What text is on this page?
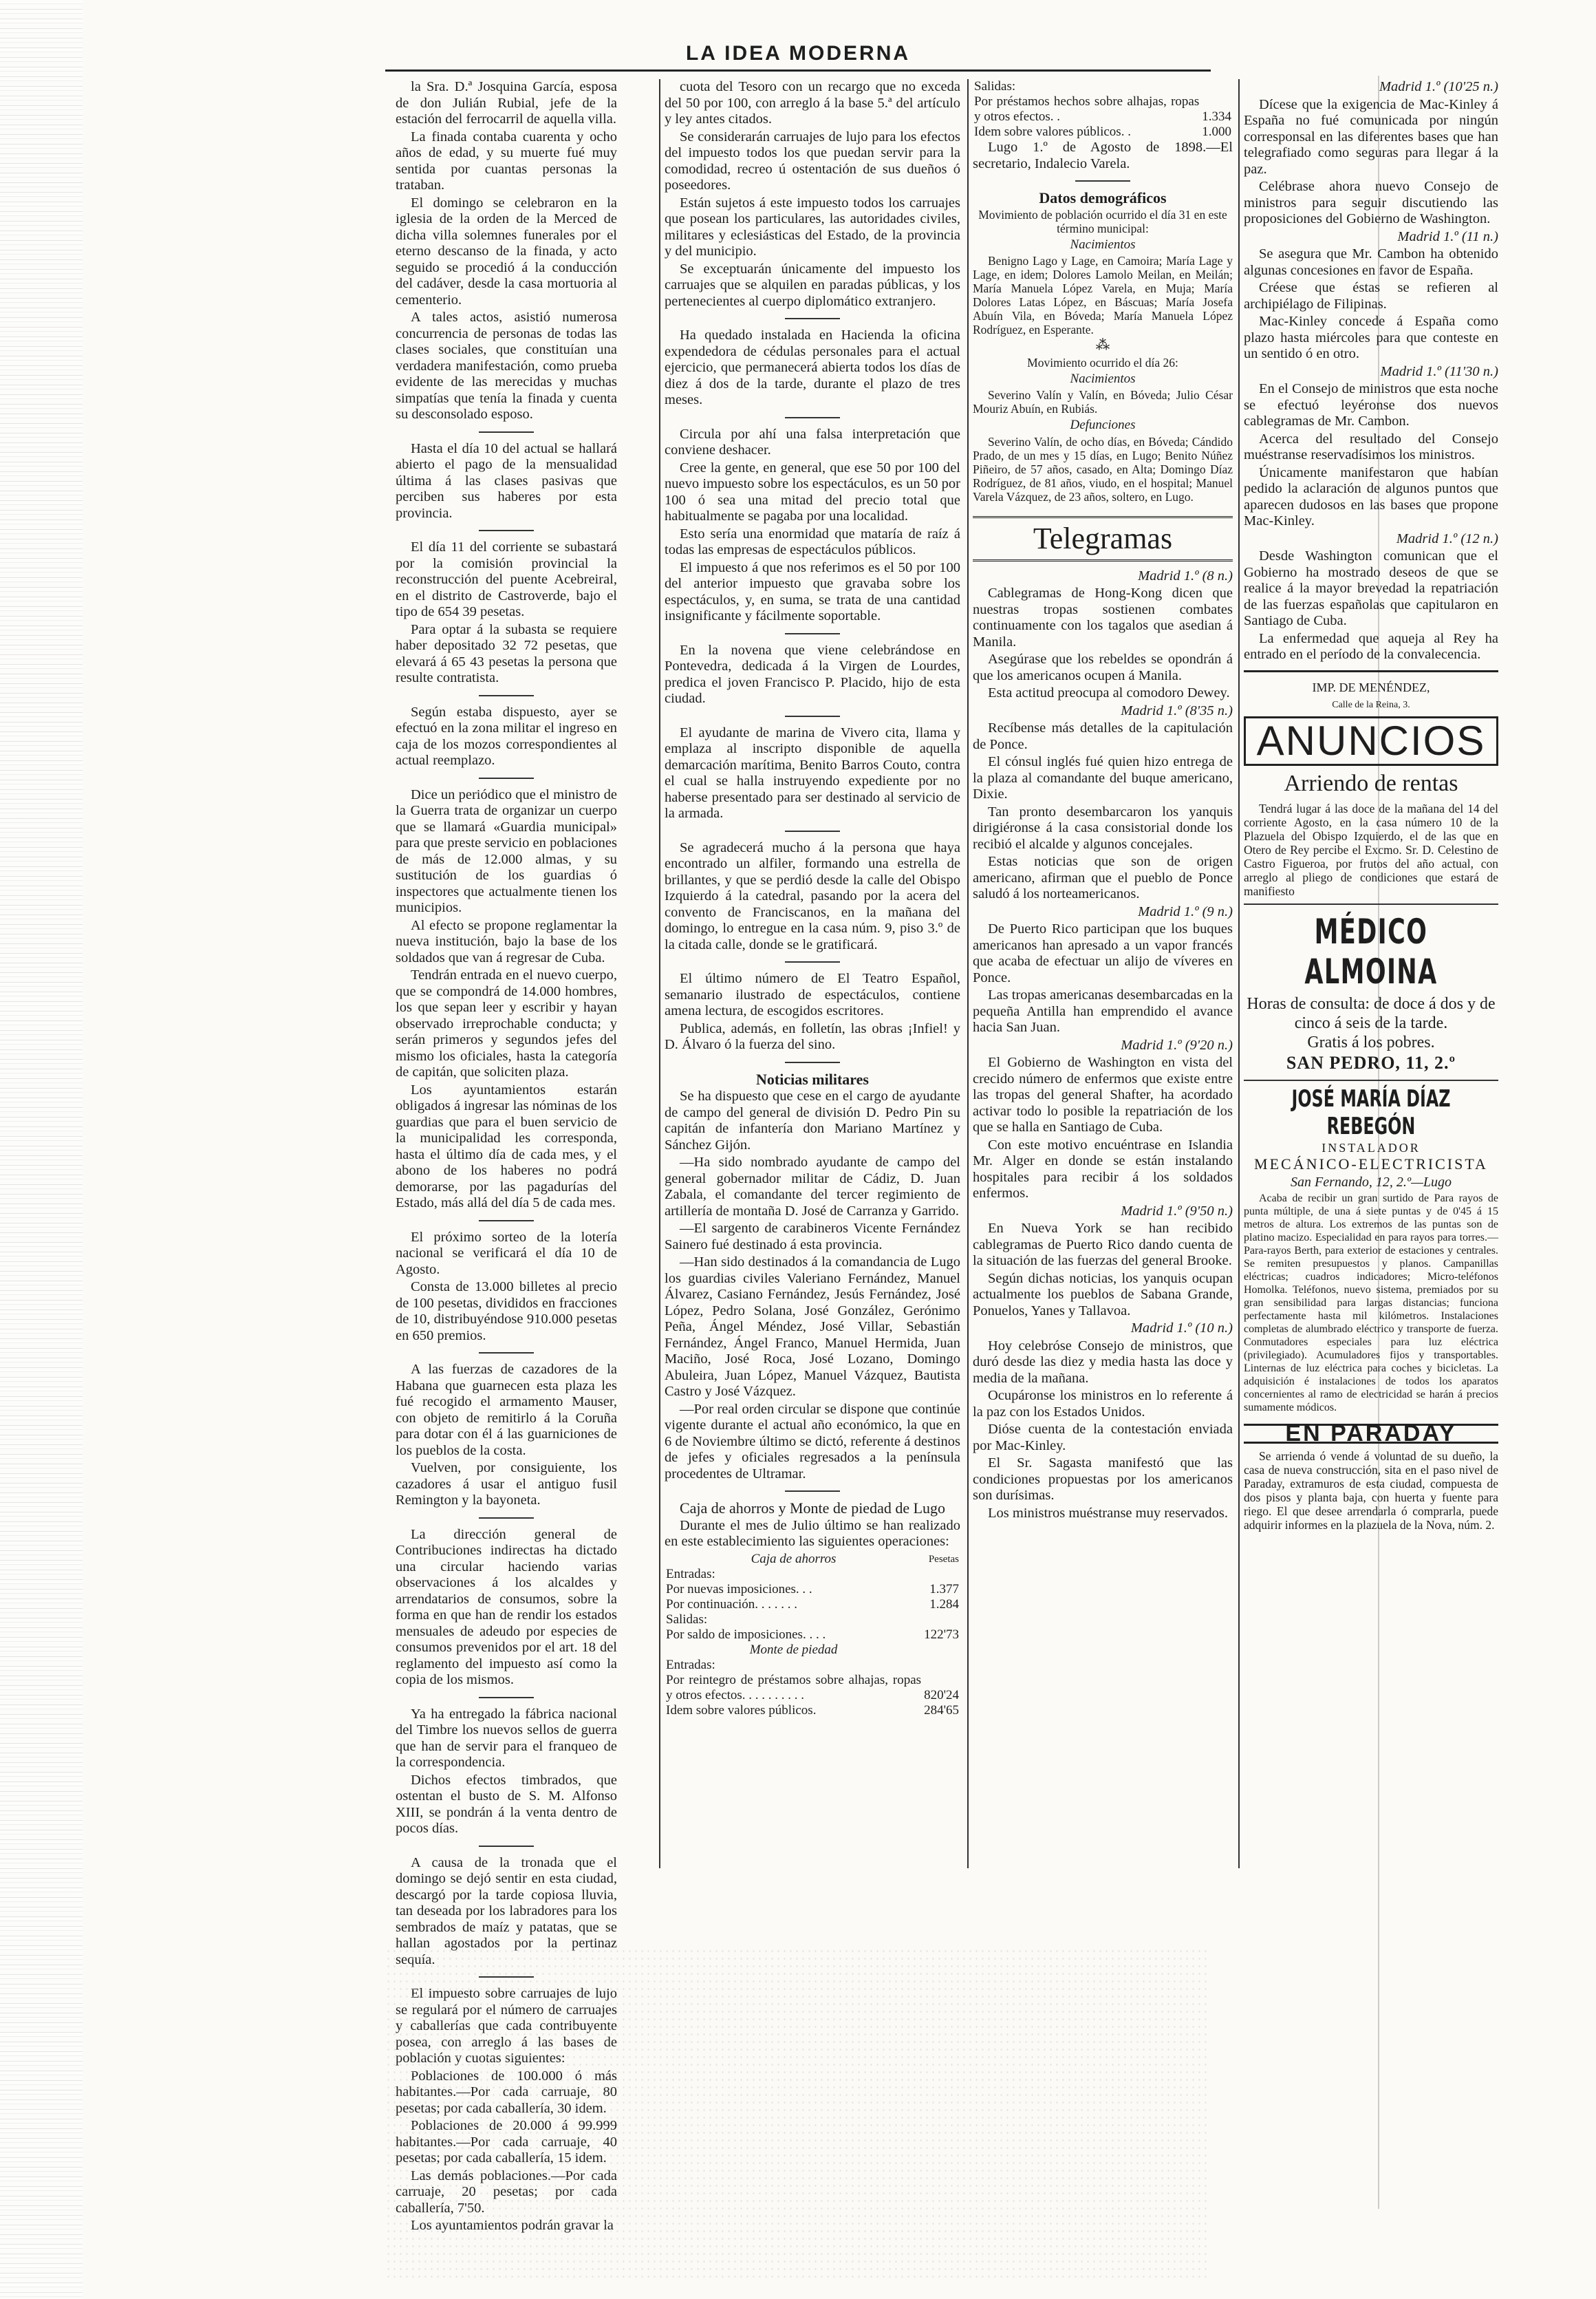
LA IDEA MODERNA

la Sra. D.ª Josquina García, esposa de don Julián Rubial, jefe de la estación del ferrocarril de aquella villa.

La finada contaba cuarenta y ocho años de edad, y su muerte fué muy sentida por cuantas personas la trataban.

El domingo se celebraron en la iglesia de la orden de la Merced de dicha villa solemnes funerales por el eterno descanso de la finada, y acto seguido se procedió á la conducción del cadáver, desde la casa mortuoria al cementerio.

A tales actos, asistió numerosa concurrencia de personas de todas las clases sociales, que constituían una verdadera manifestación, como prueba evidente de las merecidas y muchas simpatías que tenía la finada y cuenta su desconsolado esposo.

Hasta el día 10 del actual se hallará abierto el pago de la mensualidad última á las clases pasivas que perciben sus haberes por esta provincia.

El día 11 del corriente se subastará por la comisión provincial la reconstrucción del puente Acebreiral, en el distrito de Castroverde, bajo el tipo de 654 39 pesetas.

Para optar á la subasta se requiere haber depositado 32 72 pesetas, que elevará á 65 43 pesetas la persona que resulte contratista.

Según estaba dispuesto, ayer se efectuó en la zona militar el ingreso en caja de los mozos correspondientes al actual reemplazo.

Dice un periódico que el ministro de la Guerra trata de organizar un cuerpo que se llamará «Guardia municipal» para que preste servicio en poblaciones de más de 12.000 almas, y su sustitución de los guardias ó inspectores que actualmente tienen los municipios.

Al efecto se propone reglamentar la nueva institución, bajo la base de los soldados que van á regresar de Cuba.

Tendrán entrada en el nuevo cuerpo, que se compondrá de 14.000 hombres, los que sepan leer y escribir y hayan observado irreprochable conducta; y serán primeros y segundos jefes del mismo los oficiales, hasta la categoría de capitán, que soliciten plaza.

Los ayuntamientos estarán obligados á ingresar las nóminas de los guardias que para el buen servicio de la municipalidad les corresponda, hasta el último día de cada mes, y el abono de los haberes no podrá demorarse, por las pagadurías del Estado, más allá del día 5 de cada mes.

El próximo sorteo de la lotería nacional se verificará el día 10 de Agosto.

Consta de 13.000 billetes al precio de 100 pesetas, divididos en fracciones de 10, distribuyéndose 910.000 pesetas en 650 premios.

A las fuerzas de cazadores de la Habana que guarnecen esta plaza les fué recogido el armamento Mauser, con objeto de remitirlo á la Coruña para dotar con él á las guarniciones de los pueblos de la costa.

Vuelven, por consiguiente, los cazadores á usar el antiguo fusil Remington y la bayoneta.

La dirección general de Contribuciones indirectas ha dictado una circular haciendo varias observaciones á los alcaldes y arrendatarios de consumos, sobre la forma en que han de rendir los estados mensuales de adeudo por especies de consumos prevenidos por el art. 18 del reglamento del impuesto así como la copia de los mismos.

Ya ha entregado la fábrica nacional del Timbre los nuevos sellos de guerra que han de servir para el franqueo de la correspondencia.

Dichos efectos timbrados, que ostentan el busto de S. M. Alfonso XIII, se pondrán á la venta dentro de pocos días.

A causa de la tronada que el domingo se dejó sentir en esta ciudad, descargó por la tarde copiosa lluvia, tan deseada por los labradores para los sembrados de maíz y patatas, que se hallan agostados por la pertinaz sequía.

El impuesto sobre carruajes de lujo se regulará por el número de carruajes y caballerías que cada contribuyente posea, con arreglo á las bases de población y cuotas siguientes:

Poblaciones de 100.000 ó más habitantes.—Por cada carruaje, 80 pesetas; por cada caballería, 30 idem.

Poblaciones de 20.000 á 99.999 habitantes.—Por cada carruaje, 40 pesetas; por cada caballería, 15 idem.

Las demás poblaciones.—Por cada carruaje, 20 pesetas; por cada caballería, 7'50.

Los ayuntamientos podrán gravar la

cuota del Tesoro con un recargo que no exceda del 50 por 100, con arreglo á la base 5.ª del artículo y ley antes citados.

Se considerarán carruajes de lujo para los efectos del impuesto todos los que puedan servir para la comodidad, recreo ú ostentación de sus dueños ó poseedores.

Están sujetos á este impuesto todos los carruajes que posean los particulares, las autoridades civiles, militares y eclesiásticas del Estado, de la provincia y del municipio.

Se exceptuarán únicamente del impuesto los carruajes que se alquilen en paradas públicas, y los pertenecientes al cuerpo diplomático extranjero.

Ha quedado instalada en Hacienda la oficina expendedora de cédulas personales para el actual ejercicio, que permanecerá abierta todos los días de diez á dos de la tarde, durante el plazo de tres meses.

Circula por ahí una falsa interpretación que conviene deshacer.

Cree la gente, en general, que ese 50 por 100 del nuevo impuesto sobre los espectáculos, es un 50 por 100 ó sea una mitad del precio total que habitualmente se pagaba por una localidad.

Esto sería una enormidad que mataría de raíz á todas las empresas de espectáculos públicos.

El impuesto á que nos referimos es el 50 por 100 del anterior impuesto que gravaba sobre los espectáculos, y, en suma, se trata de una cantidad insignificante y fácilmente soportable.

En la novena que viene celebrándose en Pontevedra, dedicada á la Virgen de Lourdes, predica el joven Francisco P. Placido, hijo de esta ciudad.

El ayudante de marina de Vivero cita, llama y emplaza al inscripto disponible de aquella demarcación marítima, Benito Barros Couto, contra el cual se halla instruyendo expediente por no haberse presentado para ser destinado al servicio de la armada.

Se agradecerá mucho á la persona que haya encontrado un alfiler, formando una estrella de brillantes, y que se perdió desde la calle del Obispo Izquierdo á la catedral, pasando por la acera del convento de Franciscanos, en la mañana del domingo, lo entregue en la casa núm. 9, piso 3.º de la citada calle, donde se le gratificará.

El último número de El Teatro Español, semanario ilustrado de espectáculos, contiene amena lectura, de escogidos escritores.

Publica, además, en folletín, las obras ¡Infiel! y D. Álvaro ó la fuerza del sino.

Noticias militares

Se ha dispuesto que cese en el cargo de ayudante de campo del general de división D. Pedro Pin su capitán de infantería don Mariano Martínez y Sánchez Gijón.

—Ha sido nombrado ayudante de campo del general gobernador militar de Cádiz, D. Juan Zabala, el comandante del tercer regimiento de artillería de montaña D. José de Carranza y Garrido.

—El sargento de carabineros Vicente Fernández Sainero fué destinado á esta provincia.

—Han sido destinados á la comandancia de Lugo los guardias civiles Valeriano Fernández, Manuel Álvarez, Casiano Fernández, Jesús Fernández, José López, Pedro Solana, José González, Gerónimo Peña, Ángel Méndez, José Villar, Sebastián Fernández, Ángel Franco, Manuel Hermida, Juan Maciño, José Roca, José Lozano, Domingo Abuleira, Juan López, Manuel Vázquez, Bautista Castro y José Vázquez.

—Por real orden circular se dispone que continúe vigente durante el actual año económico, la que en 6 de Noviembre último se dictó, referente á destinos de jefes y oficiales regresados a la península procedentes de Ultramar.

Caja de ahorros y Monte de piedad de Lugo

Durante el mes de Julio último se han realizado en este establecimiento las siguientes operaciones:

Caja de ahorros	Pesetas
Entradas:	
Por nuevas imposiciones. . .	1.377
Por continuación. . . . . . .	1.284
Salidas:	
Por saldo de imposiciones. . . .	122'73
Monte de piedad	
Entradas:	
Por reintegro de préstamos sobre alhajas, ropas y otros efectos. . . . . . . . . .	820'24
Idem sobre valores públicos.	284'65
Salidas:	
Por préstamos hechos sobre alhajas, ropas y otros efectos. .	1.334
Idem sobre valores públicos. .	1.000

Lugo 1.º de Agosto de 1898.—El secretario, Indalecio Varela.

Datos demográficos

Movimiento de población ocurrido el día 31 en este término municipal:

Nacimientos

Benigno Lago y Lage, en Camoira; María Lage y Lage, en idem; Dolores Lamolo Meilan, en Meilán; María Manuela López Varela, en Muja; María Dolores Latas López, en Báscuas; María Josefa Abuín Vila, en Bóveda; María Manuela López Rodríguez, en Esperante.

⁂

Movimiento ocurrido el día 26:

Nacimientos

Severino Valín y Valín, en Bóveda; Julio César Mouriz Abuín, en Rubiás.

Defunciones

Severino Valín, de ocho días, en Bóveda; Cándido Prado, de un mes y 15 días, en Lugo; Benito Núñez Piñeiro, de 57 años, casado, en Alta; Domingo Díaz Rodríguez, de 81 años, viudo, en el hospital; Manuel Varela Vázquez, de 23 años, soltero, en Lugo.

Telegramas

Madrid 1.º (8 n.)

Cablegramas de Hong-Kong dicen que nuestras tropas sostienen combates continuamente con los tagalos que asedian á Manila.

Asegúrase que los rebeldes se opondrán á que los americanos ocupen á Manila.

Esta actitud preocupa al comodoro Dewey.

Madrid 1.º (8'35 n.)

Recíbense más detalles de la capitulación de Ponce.

El cónsul inglés fué quien hizo entrega de la plaza al comandante del buque americano, Dixie.

Tan pronto desembarcaron los yanquis dirigiéronse á la casa consistorial donde los recibió el alcalde y algunos concejales.

Estas noticias que son de origen americano, afirman que el pueblo de Ponce saludó á los norteamericanos.

Madrid 1.º (9 n.)

De Puerto Rico participan que los buques americanos han apresado a un vapor francés que acaba de efectuar un alijo de víveres en Ponce.

Las tropas americanas desembarcadas en la pequeña Antilla han emprendido el avance hacia San Juan.

Madrid 1.º (9'20 n.)

El Gobierno de Washington en vista del crecido número de enfermos que existe entre las tropas del general Shafter, ha acordado activar todo lo posible la repatriación de los que se halla en Santiago de Cuba.

Con este motivo encuéntrase en Islandia Mr. Alger en donde se están instalando hospitales para recibir á los soldados enfermos.

Madrid 1.º (9'50 n.)

En Nueva York se han recibido cablegramas de Puerto Rico dando cuenta de la situación de las fuerzas del general Brooke.

Según dichas noticias, los yanquis ocupan actualmente los pueblos de Sabana Grande, Ponuelos, Yanes y Tallavoa.

Madrid 1.º (10 n.)

Hoy celebróse Consejo de ministros, que duró desde las diez y media hasta las doce y media de la mañana.

Ocupáronse los ministros en lo referente á la paz con los Estados Unidos.

Dióse cuenta de la contestación enviada por Mac-Kinley.

El Sr. Sagasta manifestó que las condiciones propuestas por los americanos son durísimas.

Los ministros muéstranse muy reservados.

Madrid 1.º (10'25 n.)

Dícese que la exigencia de Mac-Kinley á España no fué comunicada por ningún corresponsal en las diferentes bases que han telegrafiado como seguras para llegar á la paz.

Celébrase ahora nuevo Consejo de ministros para seguir discutiendo las proposiciones del Gobierno de Washington.

Madrid 1.º (11 n.)

Se asegura que Mr. Cambon ha obtenido algunas concesiones en favor de España.

Créese que éstas se refieren al archipiélago de Filipinas.

Mac-Kinley concede á España como plazo hasta miércoles para que conteste en un sentido ó en otro.

Madrid 1.º (11'30 n.)

En el Consejo de ministros que esta noche se efectuó leyéronse dos nuevos cablegramas de Mr. Cambon.

Acerca del resultado del Consejo muéstranse reservadísimos los ministros.

Únicamente manifestaron que habían pedido la aclaración de algunos puntos que aparecen dudosos en las bases que propone Mac-Kinley.

Madrid 1.º (12 n.)

Desde Washington comunican que el Gobierno ha mostrado deseos de que se realice á la mayor brevedad la repatriación de las fuerzas españolas que capitularon en Santiago de Cuba.

La enfermedad que aqueja al Rey ha entrado en el período de la convalecencia.

IMP. DE MENÉNDEZ,
Calle de la Reina, 3.
ANUNCIOS
Arriendo de rentas

Tendrá lugar á las doce de la mañana del 14 del corriente Agosto, en la casa número 10 de la Plazuela del Obispo Izquierdo, el de las que en Otero de Rey percibe el Excmo. Sr. D. Celestino de Castro Figueroa, por frutos del año actual, con arreglo al pliego de condiciones que estará de manifiesto

MÉDICO ALMOINA
Horas de consulta: de doce á dos y de cinco á seis de la tarde.
Gratis á los pobres.
SAN PEDRO, 11, 2.º
JOSÉ MARÍA DÍAZ REBEGÓN
INSTALADOR
MECÁNICO-ELECTRICISTA
San Fernando, 12, 2.º—Lugo

Acaba de recibir un gran surtido de Para rayos de punta múltiple, de una á siete puntas y de 0'45 á 15 metros de altura. Los extremos de las puntas son de platino macizo. Especialidad en para rayos para torres.—Para-rayos Berth, para exterior de estaciones y centrales. Se remiten presupuestos y planos. Campanillas eléctricas; cuadros indicadores; Micro-teléfonos Homolka. Teléfonos, nuevo sistema, premiados por su gran sensibilidad para largas distancias; funciona perfectamente hasta mil kilómetros. Instalaciones completas de alumbrado eléctrico y transporte de fuerza. Conmutadores especiales para luz eléctrica (privilegiado). Acumuladores fijos y transportables. Linternas de luz eléctrica para coches y bicicletas. La adquisición é instalaciones de todos los aparatos concernientes al ramo de electricidad se harán á precios sumamente módicos.

EN PARADAY

Se arrienda ó vende á voluntad de su dueño, la casa de nueva construcción, sita en el paso nivel de Paraday, extramuros de esta ciudad, compuesta de dos pisos y planta baja, con huerta y fuente para riego. El que desee arrendarla ó comprarla, puede adquirir informes en la plazuela de la Nova, núm. 2.
